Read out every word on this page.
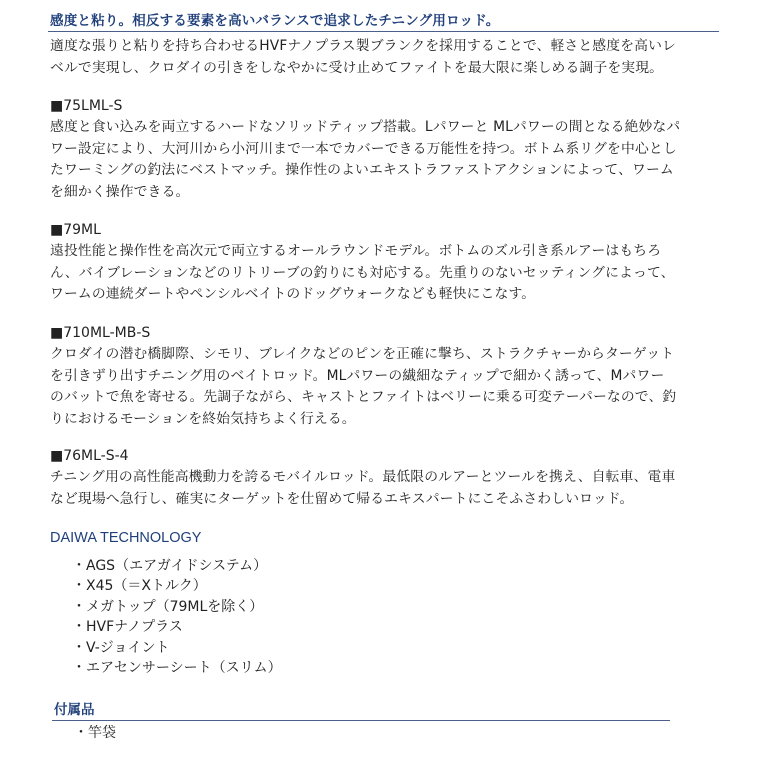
感度と粘り。相反する要素を高いバランスで追求したチニング用ロッド。
適度な張りと粘りを持ち合わせるHVFナノプラス製ブランクを採用することで、軽さと感度を高いレ
ベルで実現し、クロダイの引きをしなやかに受け止めてファイトを最大限に楽しめる調子を実現。
■75LML-S
感度と食い込みを両立するハードなソリッドティップ搭載。Lパワーと MLパワーの間となる絶妙なパ
ワー設定により、大河川から小河川まで一本でカバーできる万能性を持つ。ボトム系リグを中心とし
たワーミングの釣法にベストマッチ。操作性のよいエキストラファストアクションによって、ワーム
を細かく操作できる。
■79ML
遠投性能と操作性を高次元で両立するオールラウンドモデル。ボトムのズル引き系ルアーはもちろ
ん、バイブレーションなどのリトリーブの釣りにも対応する。先重りのないセッティングによって、
ワームの連続ダートやペンシルベイトのドッグウォークなども軽快にこなす。
■710ML-MB-S
クロダイの潜む橋脚際、シモリ、ブレイクなどのピンを正確に撃ち、ストラクチャーからターゲット
を引きずり出すチニング用のベイトロッド。MLパワーの繊細なティップで細かく誘って、Mパワー
のバットで魚を寄せる。先調子ながら、キャストとファイトはベリーに乗る可変テーパーなので、釣
りにおけるモーションを終始気持ちよく行える。
■76ML-S-4
チニング用の高性能高機動力を誇るモバイルロッド。最低限のルアーとツールを携え、自転車、電車
など現場へ急行し、確実にターゲットを仕留めて帰るエキスパートにこそふさわしいロッド。
DAIWA TECHNOLOGY
・AGS（エアガイドシステム）
・X45（＝Xトルク）
・メガトップ（79MLを除く）
・HVFナノプラス
・V-ジョイント
・エアセンサーシート（スリム）
付属品
・竿袋
